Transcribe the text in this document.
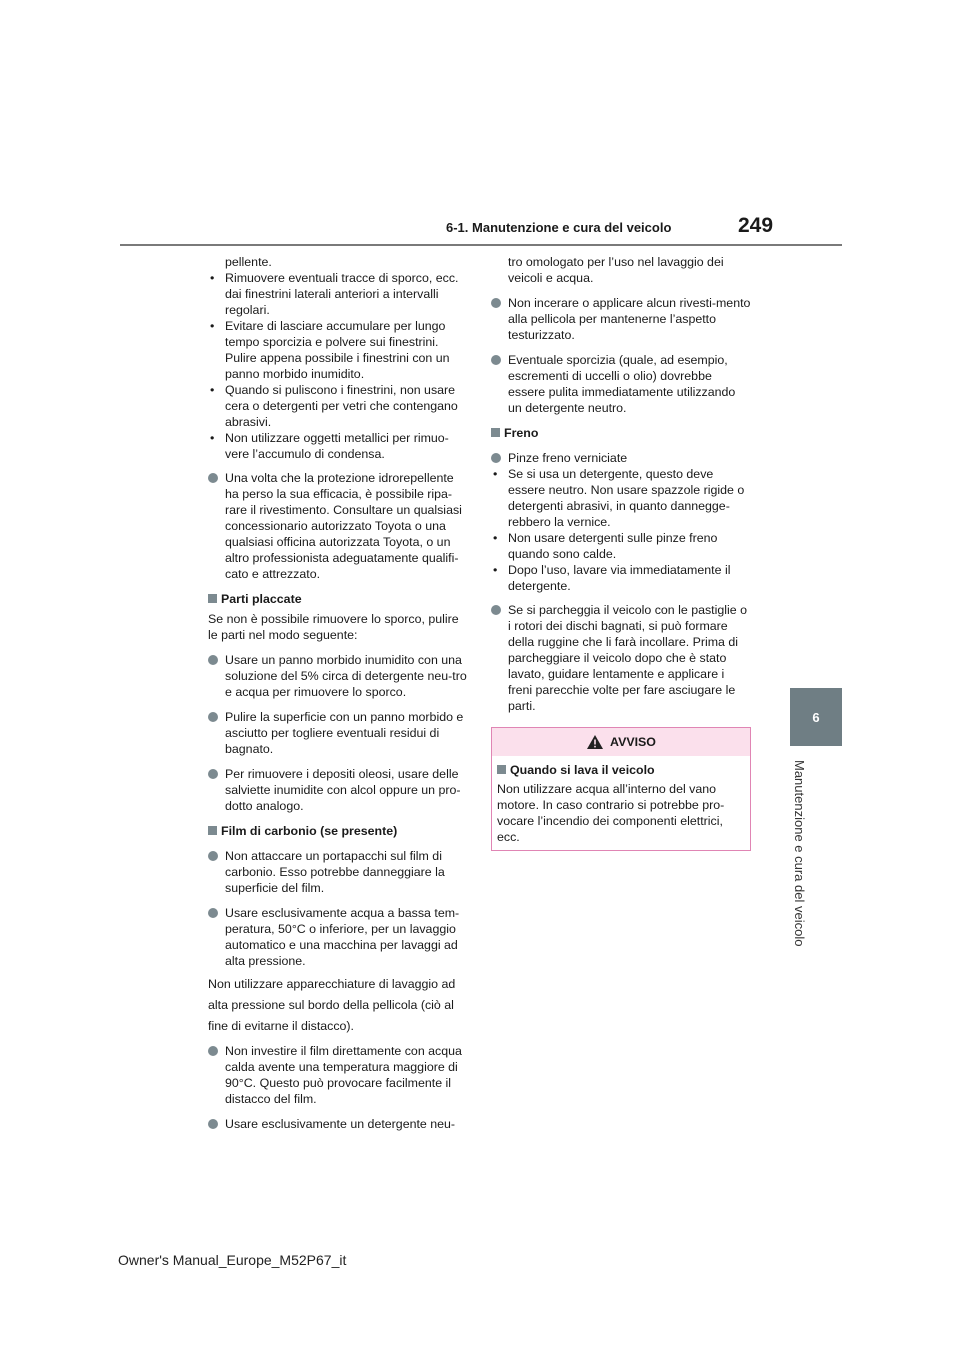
6-1. Manutenzione e cura del veicolo	249
6
Manutenzione e cura del veicolo
pellente.
• Rimuovere eventuali tracce di sporco, ecc. dai finestrini laterali anteriori a intervalli regolari.
• Evitare di lasciare accumulare per lungo tempo sporcizia e polvere sui finestrini. Pulire appena possibile i finestrini con un panno morbido inumidito.
• Quando si puliscono i finestrini, non usare cera o detergenti per vetri che contengano abrasivi.
• Non utilizzare oggetti metallici per rimuo-vere l’accumulo di condensa.
Una volta che la protezione idrorepellente ha perso la sua efficacia, è possibile ripa-rare il rivestimento. Consultare un qualsiasi concessionario autorizzato Toyota o una qualsiasi officina autorizzata Toyota, o un altro professionista adeguatamente qualifi-cato e attrezzato.
Parti placcate
Se non è possibile rimuovere lo sporco, pulire le parti nel modo seguente:
Usare un panno morbido inumidito con una soluzione del 5% circa di detergente neu-tro e acqua per rimuovere lo sporco.
Pulire la superficie con un panno morbido e asciutto per togliere eventuali residui di bagnato.
Per rimuovere i depositi oleosi, usare delle salviette inumidite con alcol oppure un pro-dotto analogo.
Film di carbonio (se presente)
Non attaccare un portapacchi sul film di carbonio. Esso potrebbe danneggiare la superficie del film.
Usare esclusivamente acqua a bassa tem-peratura, 50°C o inferiore, per un lavaggio automatico e una macchina per lavaggi ad alta pressione.
Non utilizzare apparecchiature di lavaggio ad
alta pressione sul bordo della pellicola (ciò al
fine di evitarne il distacco).
Non investire il film direttamente con acqua calda avente una temperatura maggiore di 90°C. Questo può provocare facilmente il distacco del film.
Usare esclusivamente un detergente neu-
tro omologato per l’uso nel lavaggio dei veicoli e acqua.
Non incerare o applicare alcun rivesti-mento alla pellicola per mantenerne l’aspetto testurizzato.
Eventuale sporcizia (quale, ad esempio, escrementi di uccelli o olio) dovrebbe essere pulita immediatamente utilizzando un detergente neutro.
Freno
Pinze freno verniciate
• Se si usa un detergente, questo deve essere neutro. Non usare spazzole rigide o detergenti abrasivi, in quanto dannegge-rebbero la vernice.
• Non usare detergenti sulle pinze freno quando sono calde.
• Dopo l’uso, lavare via immediatamente il detergente.
Se si parcheggia il veicolo con le pastiglie o i rotori dei dischi bagnati, si può formare della ruggine che li farà incollare. Prima di parcheggiare il veicolo dopo che è stato lavato, guidare lentamente e applicare i freni parecchie volte per fare asciugare le parti.
AVVISO
Quando si lava il veicolo
Non utilizzare acqua all’interno del vano motore. In caso contrario si potrebbe pro-vocare l’incendio dei componenti elettrici, ecc.
Owner's Manual_Europe_M52P67_it
